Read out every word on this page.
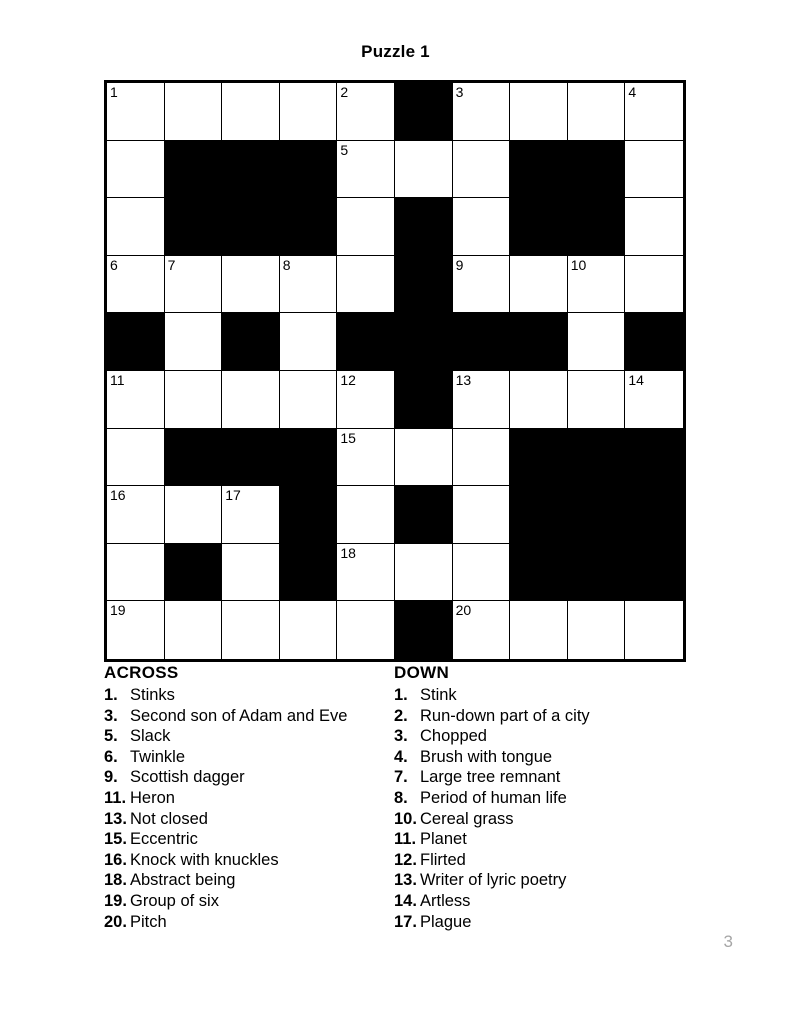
Puzzle 1
1	2	3	4
5
6	7	8	9	10
11	12	13	14
15
16	17
18
19	20
ACROSS
1. Stinks
3. Second son of Adam and Eve
5. Slack
6. Twinkle
9. Scottish dagger
11. Heron
13. Not closed
15. Eccentric
16. Knock with knuckles
18. Abstract being
19. Group of six
20. Pitch
DOWN
1. Stink
2. Run-down part of a city
3. Chopped
4. Brush with tongue
7. Large tree remnant
8. Period of human life
10. Cereal grass
11. Planet
12. Flirted
13. Writer of lyric poetry
14. Artless
17. Plague
3
